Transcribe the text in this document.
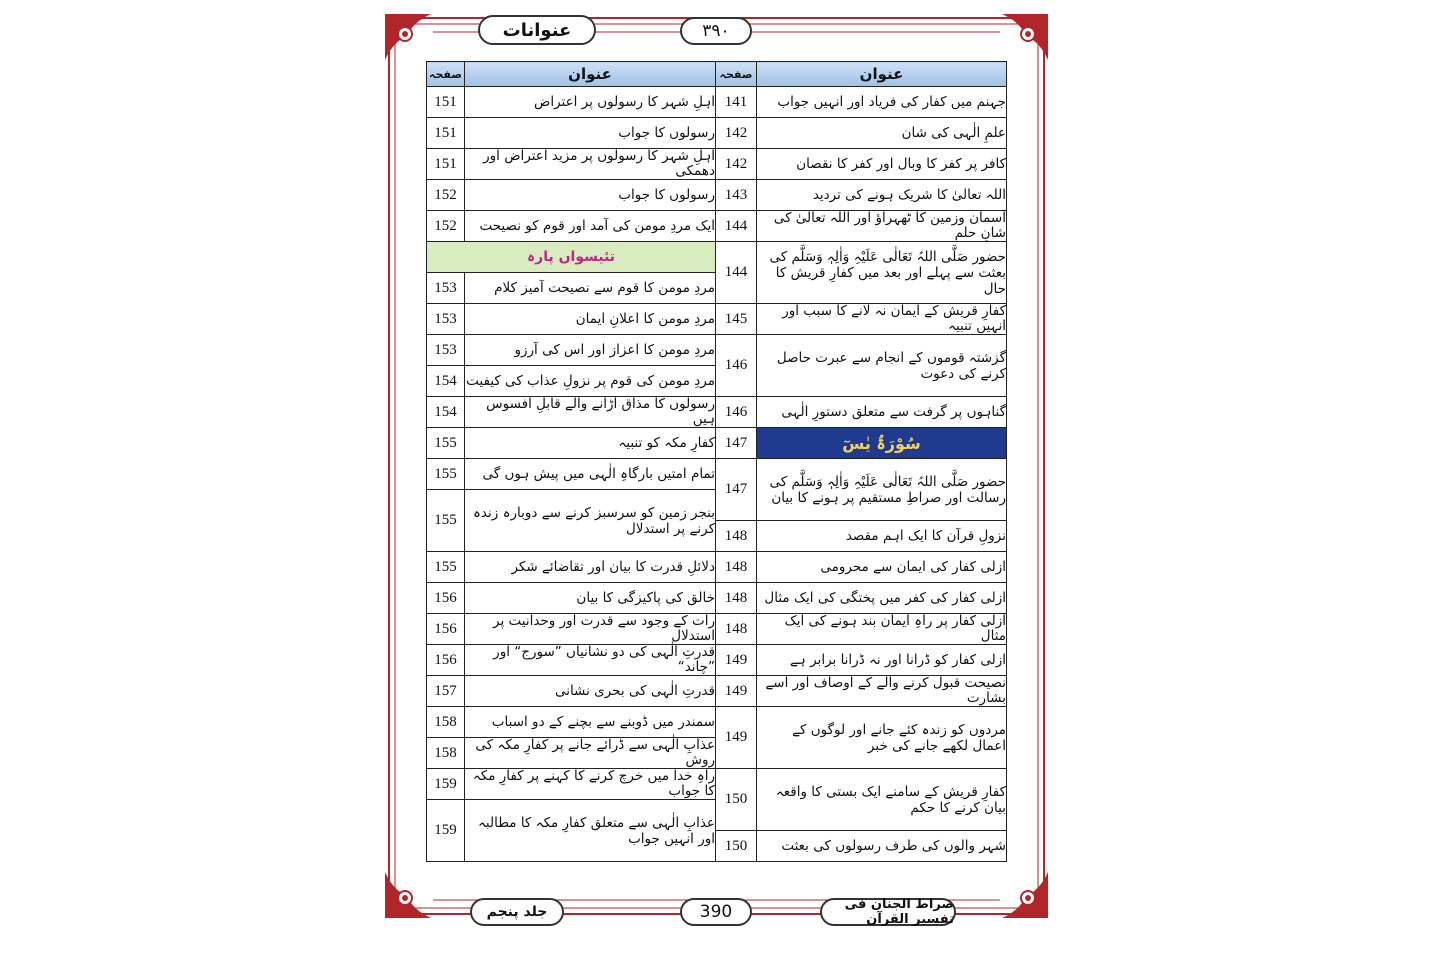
عنوانات	۳۹۰
صفحہ	عنوان
151	اہلِ شہر کا رسولوں پر اعتراض
151	رسولوں کا جواب
151	اہلِ شہر کا رسولوں پر مزید اعتراض اور دھمکی
152	رسولوں کا جواب
152	ایک مردِ مومن کی آمد اور قوم کو نصیحت
تئیسواں پارہ	
153	مردِ مومن کا قوم سے نصیحت آمیز کلام
153	مردِ مومن کا اعلانِ ایمان
153	مردِ مومن کا اعزاز اور اس کی آرزو
154	مردِ مومن کی قوم پر نزولِ عذاب کی کیفیت
154	رسولوں کا مذاق اڑانے والے قابلِ افسوس ہیں
155	کفارِ مکہ کو تنبیہ
155	تمام امتیں بارگاہِ الٰہی میں پیش ہوں گی
155	بنجر زمین کو سرسبز کرنے سے دوبارہ زندہ کرنے پر استدلال
155	دلائلِ قدرت کا بیان اور تقاضائے شکر
156	خالق کی پاکیزگی کا بیان
156	رات کے وجود سے قدرت اور وحدانیت پر استدلال
156	قدرتِ الٰہی کی دو نشانیاں ”سورج“ اور ”چاند“
157	قدرتِ الٰہی کی بحری نشانی
158	سمندر میں ڈوبنے سے بچنے کے دو اسباب
158	عذابِ الٰہی سے ڈرائے جانے پر کفارِ مکہ کی روش
159	راہِ خدا میں خرچ کرنے کا کہنے پر کفارِ مکہ کا جواب
159	عذابِ الٰہی سے متعلق کفارِ مکہ کا مطالبہ اور انہیں جواب
صفحہ	عنوان
141	جہنم میں کفار کی فریاد اور انہیں جواب
142	علمِ الٰہی کی شان
142	کافر پر کفر کا وبال اور کفر کا نقصان
143	اللہ تعالیٰ کا شریک ہونے کی تردید
144	آسمان وزمین کا ٹھہراؤ اور اللہ تعالیٰ کی شانِ حلم
144	حضور صَلَّی اللہُ تَعَالٰی عَلَیْہِ وَاٰلِہٖ وَسَلَّم کی بعثت سے پہلے اور بعد میں کفارِ قریش کا حال
145	کفارِ قریش کے ایمان نہ لانے کا سبب اور انہیں تنبیہ
146	گزشتہ قوموں کے انجام سے عبرت حاصل کرنے کی دعوت
146	گناہوں پر گرفت سے متعلق دستورِ الٰہی
147	سُوْرَۃُ یٰسٓ
147	حضور صَلَّی اللہُ تَعَالٰی عَلَیْہِ وَاٰلِہٖ وَسَلَّم کی رسالت اور صراطِ مستقیم پر ہونے کا بیان
148	نزولِ قرآن کا ایک اہم مقصد
148	ازلی کفار کی ایمان سے محرومی
148	ازلی کفار کی کفر میں پختگی کی ایک مثال
148	ازلی کفار پر راہِ ایمان بند ہونے کی ایک مثال
149	ازلی کفار کو ڈرانا اور نہ ڈرانا برابر ہے
149	نصیحت قبول کرنے والے کے اوصاف اور اسے بشارت
149	مردوں کو زندہ کئے جانے اور لوگوں کے اعمال لکھے جانے کی خبر
150	کفارِ قریش کے سامنے ایک بستی کا واقعہ بیان کرنے کا حکم
150	شہر والوں کی طرف رسولوں کی بعثت
جلد پنجم	390	صراط الجنان فی تفسیر القرآن
